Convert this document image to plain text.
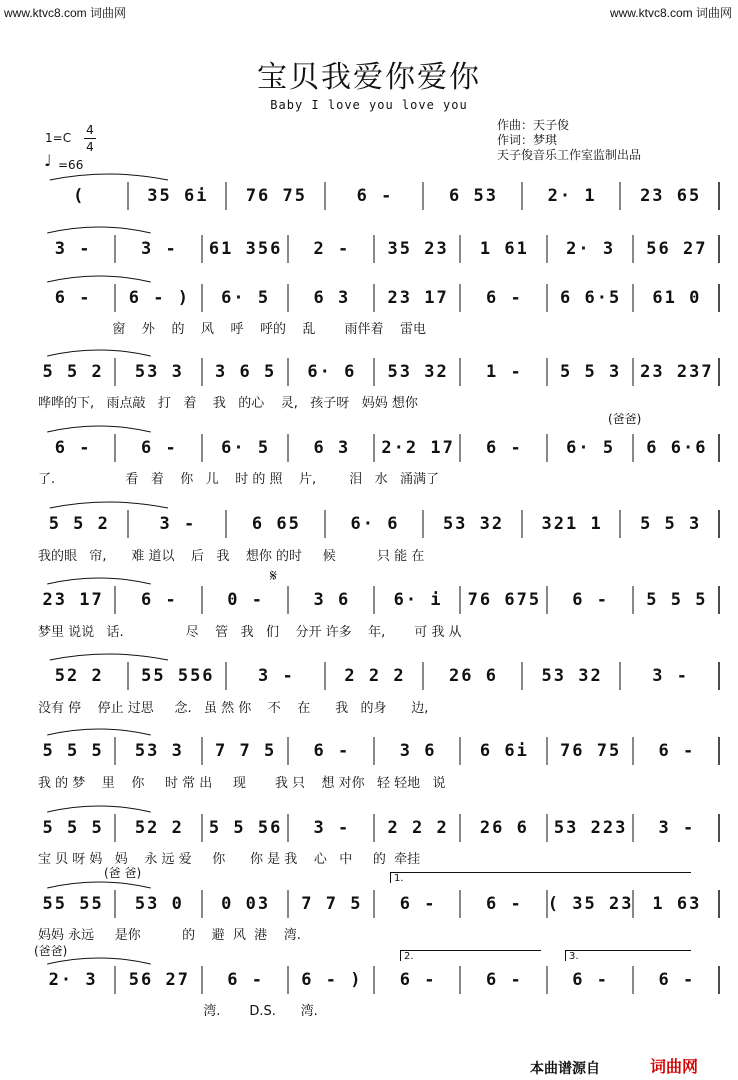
www.ktvc8.com 词曲网	www.ktvc8.com 词曲网
宝贝我爱你爱你
Baby I love you love you
作曲：天子俊
作词：梦琪
天子俊音乐工作室监制出品
1=C
4
4
♩ =66
(	35 6i	76 75	6 -	6 53	2· 1	23 65
3 -	3 -	61 356	2 -	35 23	1 61	2· 3	56 27
6 -	6 - )	6· 5	6 3	23 17	6 -	6 6·5	61 0
窗    外    的    风    呼    呼的    乱       雨伴着    雷电
5 5 2	53 3	3 6 5	6· 6	53 32	1 -	5 5 3	23 237
哗哗的下,   雨点敲   打   着    我   的心    灵,   孩子呀   妈妈 想你
6 -	6 -	6· 5	6 3	2·2 17	6 -	6· 5	6 6·6
了.                 看   着    你   儿    时 的 照    片,        泪   水   涌满了
5 5 2	3 -	6 65	6· 6	53 32	321 1	5 5 3
我的眼   帘,      难 道以    后   我    想你 的时     候          只 能 在
23 17	6 -	0 -	3 6	6· i	76 675	6 -	5 5 5
梦里 说说   话.               尽    管   我   们    分开 许多    年,       可 我 从
52 2	55 556	3 -	2 2 2	26 6	53 32	3 -
没有 停    停止 过思     念.   虽 然 你    不    在      我   的身      边,
5 5 5	53 3	7 7 5	6 -	3 6	6 6i	76 75	6 -
我 的 梦    里    你     时 常 出     现       我 只    想 对你   轻 轻地   说
5 5 5	52 2	5 5 56	3 -	2 2 2	26 6	53 223	3 -
宝 贝 呀 妈   妈    永 远 爱     你      你 是 我    心   中     的  牵挂
55 55	53 0	0 03	7 7 5	6 -	6 -	( 35 23	1 63
妈妈 永远     是你          的    避  风  港    湾.
2· 3	56 27	6 -	6 - )	6 -	6 -	6 -	6 -
湾.       D.S.      湾.
𝄋
(爸爸)
(爸 爸)
(爸爸)
1.
2.	3.
本曲谱源自	词曲网
